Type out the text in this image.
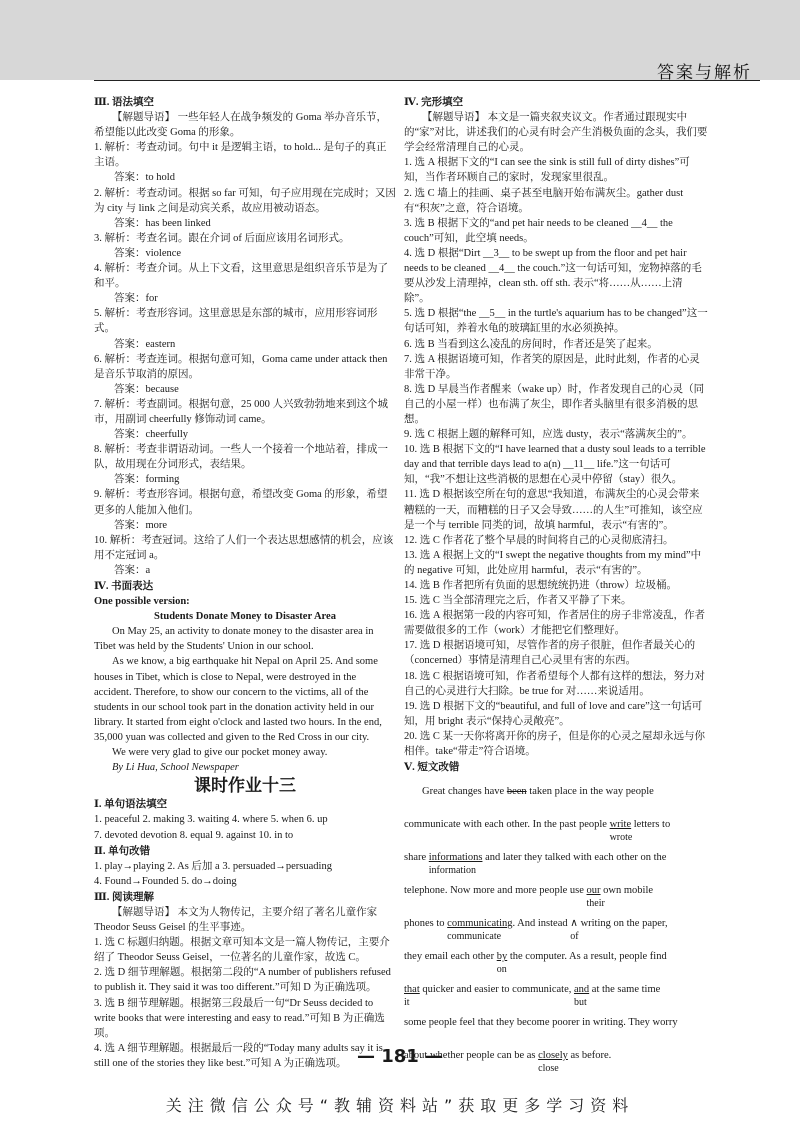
答案与解析
Ⅲ. 语法填空

【解题导语】 一些年轻人在战争频发的 Goma 举办音乐节，希望能以此改变 Goma 的形象。

1. 解析：考查动词。句中 it 是逻辑主语，to hold... 是句子的真正主语。
答案：to hold
2. 解析：考查动词。根据 so far 可知，句子应用现在完成时；又因为 city 与 link 之间是动宾关系，故应用被动语态。
答案：has been linked
3. 解析：考查名词。跟在介词 of 后面应该用名词形式。
答案：violence
4. 解析：考查介词。从上下文看，这里意思是组织音乐节是为了和平。
答案：for
5. 解析：考查形容词。这里意思是东部的城市，应用形容词形式。
答案：eastern
6. 解析：考查连词。根据句意可知，Goma came under attack then 是音乐节取消的原因。
答案：because
7. 解析：考查副词。根据句意，25 000 人兴致勃勃地来到这个城市，用副词 cheerfully 修饰动词 came。
答案：cheerfully
8. 解析：考查非谓语动词。一些人一个接着一个地站着，排成一队，故用现在分词形式，表结果。
答案：forming
9. 解析：考查形容词。根据句意，希望改变 Goma 的形象，希望更多的人能加入他们。
答案：more
10. 解析：考查冠词。这给了人们一个表达思想感情的机会，应该用不定冠词 a。
答案：a
Ⅳ. 书面表达
One possible version:
Students Donate Money to Disaster Area
On May 25, an activity to donate money to the disaster area in Tibet was held by the Students' Union in our school.
As we know, a big earthquake hit Nepal on April 25. And some houses in Tibet, which is close to Nepal, were destroyed in the accident. Therefore, to show our concern to the victims, all of the students in our school took part in the donation activity held in our library. It started from eight o'clock and lasted two hours. In the end, 35,000 yuan was collected and given to the Red Cross in our city.
We were very glad to give our pocket money away.
By Li Hua, School Newspaper
课时作业十三
Ⅰ. 单句语法填空
1. peaceful 2. making 3. waiting 4. where 5. when 6. up
7. devoted devotion 8. equal 9. against 10. in to
Ⅱ. 单句改错
1. play→playing 2. As 后加 a 3. persuaded→persuading
4. Found→Founded 5. do→doing
Ⅲ. 阅读理解

【解题导语】 本文为人物传记，主要介绍了著名儿童作家 Theodor Seuss Geisel 的生平事迹。

1. 选 C 标题归纳题。根据文章可知本文是一篇人物传记，主要介绍了 Theodor Seuss Geisel，一位著名的儿童作家，故选 C。
2. 选 D 细节理解题。根据第二段的“A number of publishers refused to publish it. They said it was too different.”可知 D 为正确选项。
3. 选 B 细节理解题。根据第三段最后一句“Dr Seuss decided to write books that were interesting and easy to read.”可知 B 为正确选项。
4. 选 A 细节理解题。根据最后一段的“Today many adults say it is still one of the stories they like best.”可知 A 为正确选项。
Ⅳ. 完形填空

【解题导语】 本文是一篇夹叙夹议文。作者通过跟现实中的“家”对比，讲述我们的心灵有时会产生消极负面的念头，我们要学会经常清理自己的心灵。

1. 选 A 根据下文的“I can see the sink is still full of dirty dishes”可知，当作者环顾自己的家时，发现家里很乱。
2. 选 C 墙上的挂画、桌子甚至电脑开始布满灰尘。gather dust 有“积灰”之意，符合语境。
3. 选 B 根据下文的“and pet hair needs to be cleaned __4__ the couch”可知，此空填 needs。
4. 选 D 根据“Dirt __3__ to be swept up from the floor and pet hair needs to be cleaned __4__ the couch.”这一句话可知，宠物掉落的毛要从沙发上清理掉，clean sth. off sth. 表示“将……从……上清除”。
5. 选 D 根据“the __5__ in the turtle's aquarium has to be changed”这一句话可知，养着水龟的玻璃缸里的水必须换掉。
6. 选 B 当看到这么凌乱的房间时，作者还是笑了起来。
7. 选 A 根据语境可知，作者笑的原因是，此时此刻，作者的心灵非常干净。
8. 选 D 早晨当作者醒来（wake up）时，作者发现自己的心灵（同自己的小屋一样）也布满了灰尘，即作者头脑里有很多消极的思想。
9. 选 C 根据上题的解释可知，应选 dusty，表示“落满灰尘的”。
10. 选 B 根据下文的“I have learned that a dusty soul leads to a terrible day and that terrible days lead to a(n) __11__ life.”这一句话可知，“我”不想让这些消极的思想在心灵中停留（stay）很久。
11. 选 D 根据该空所在句的意思“我知道，布满灰尘的心灵会带来糟糕的一天，而糟糕的日子又会导致……的人生”可推知，该空应是一个与 terrible 同类的词，故填 harmful，表示“有害的”。
12. 选 C 作者花了整个早晨的时间将自己的心灵彻底清扫。
13. 选 A 根据上文的“I swept the negative thoughts from my mind”中的 negative 可知，此处应用 harmful，表示“有害的”。
14. 选 B 作者把所有负面的思想统统扔进（throw）垃圾桶。
15. 选 C 当全部清理完之后，作者又平静了下来。
16. 选 A 根据第一段的内容可知，作者居住的房子非常凌乱，作者需要做很多的工作（work）才能把它们整理好。
17. 选 D 根据语境可知，尽管作者的房子很脏，但作者最关心的（concerned）事情是清理自己心灵里有害的东西。
18. 选 C 根据语境可知，作者希望每个人都有这样的想法，努力对自己的心灵进行大扫除。be true for 对……来说适用。
19. 选 D 根据下文的“beautiful, and full of love and care”这一句话可知，用 bright 表示“保持心灵敞亮”。
20. 选 C 某一天你将离开你的房子，但是你的心灵之屋却永远与你相伴。take“带走”符合语境。
Ⅴ. 短文改错
Great changes have been taken place in the way people
communicate with each other. In the past people write
wrote
letters to
share informations
information
and later they talked with each other on the
telephone. Now more and more people use our
their
own mobile
phones to communicating
communicate
. And instead ∧
of
writing on the paper,
they email each other by
on
the computer. As a result, people find
that
it
quicker and easier to communicate, and
but
at the same time
some people feel that they become poorer in writing. They worry
about whether people can be as closely
close
as before.
— 181 —
关注微信公众号“教辅资料站”获取更多学习资料
